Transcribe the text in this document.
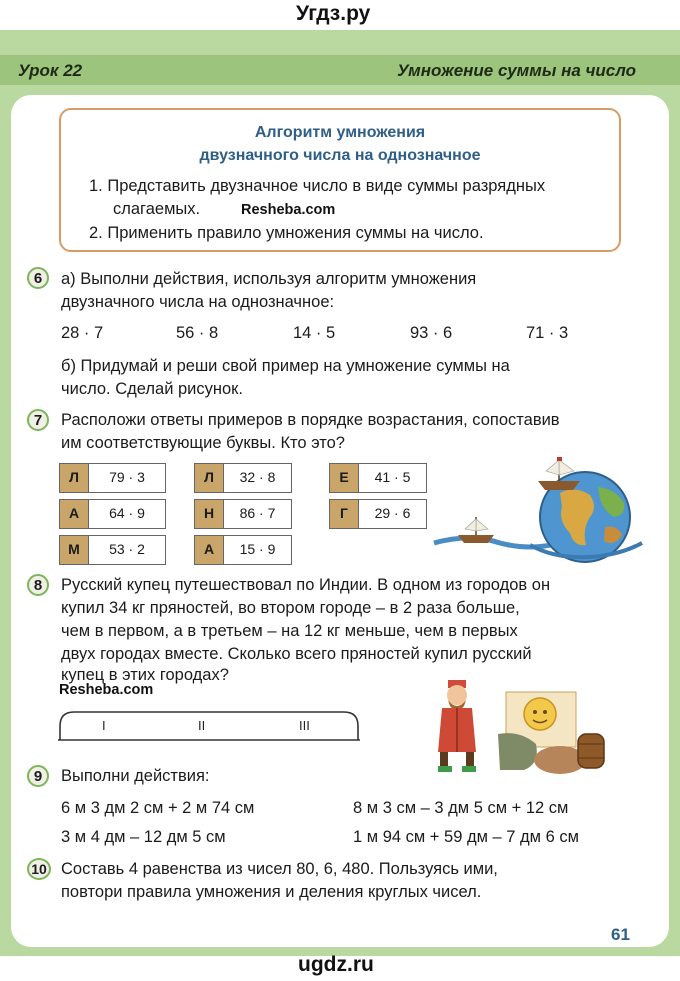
Угдз.ру
Урок 22	Умножение суммы на число
Алгоритм умножения
двузначного числа на однозначное
1. Представить двузначное число в виде суммы разрядных
слагаемых.	Resheba.com
2. Применить правило умножения суммы на число.
6	а) Выполни действия, используя алгоритм умножения
двузначного числа на однозначное:
28 · 7	56 · 8	14 · 5	93 · 6	71 · 3
б) Придумай и реши свой пример на умножение суммы на
число. Сделай рисунок.
7	Расположи ответы примеров в порядке возрастания, сопоставив
им соответствующие буквы. Кто это?
Л	79 · 3	Л	32 · 8	Е	41 · 5
А	64 · 9	Н	86 · 7	Г	29 · 6
М	53 · 2	А	15 · 9
8	Русский купец путешествовал по Индии. В одном из городов он
купил 34 кг пряностей, во втором городе – в 2 раза больше,
чем в первом, а в третьем – на 12 кг меньше, чем в первых
двух городах вместе. Сколько всего пряностей купил русский
купец в этих городах?
Resheba.com
I	II	III
9	Выполни действия:
6 м 3 дм 2 см + 2 м 74 см	8 м 3 см – 3 дм 5 см + 12 см
3 м 4 дм – 12 дм 5 см	1 м 94 см + 59 дм – 7 дм 6 см
10 Составь 4 равенства из чисел 80, 6, 480. Пользуясь ими,
повтори правила умножения и деления круглых чисел.
61
ugdz.ru
